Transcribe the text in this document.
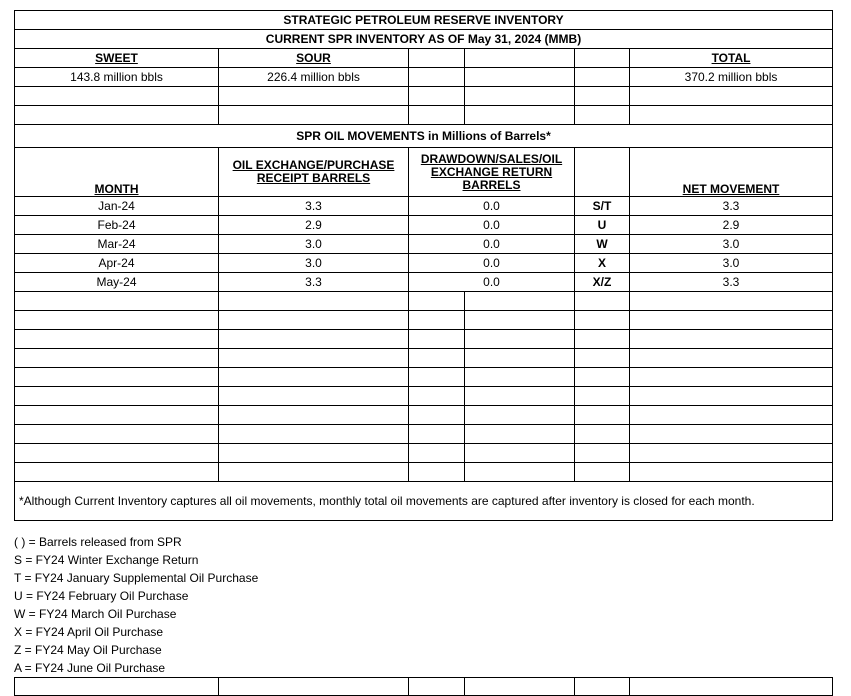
STRATEGIC PETROLEUM RESERVE INVENTORY					
CURRENT SPR INVENTORY AS OF May 31, 2024 (MMB)					
SWEET	SOUR				TOTAL
143.8 million bbls	226.4 million bbls				370.2 million bbls

SPR OIL MOVEMENTS in Millions of Barrels*					
MONTH	OIL EXCHANGE/PURCHASE RECEIPT BARRELS	DRAWDOWN/SALES/OIL EXCHANGE RETURN BARRELS			NET MOVEMENT
Jan-24	3.3	0.0		S/T	3.3
Feb-24	2.9	0.0		U	2.9
Mar-24	3.0	0.0		W	3.0
Apr-24	3.0	0.0		X	3.0
May-24	3.3	0.0		X/Z	3.3

*Although Current Inventory captures all oil movements, monthly total oil movements are captured after inventory is closed for each month.					
( ) = Barrels released from SPR
S = FY24 Winter Exchange Return
T = FY24 January Supplemental Oil Purchase
U = FY24 February Oil Purchase
W = FY24 March Oil Purchase
X = FY24 April Oil Purchase
Z = FY24 May Oil Purchase
A = FY24 June Oil Purchase
